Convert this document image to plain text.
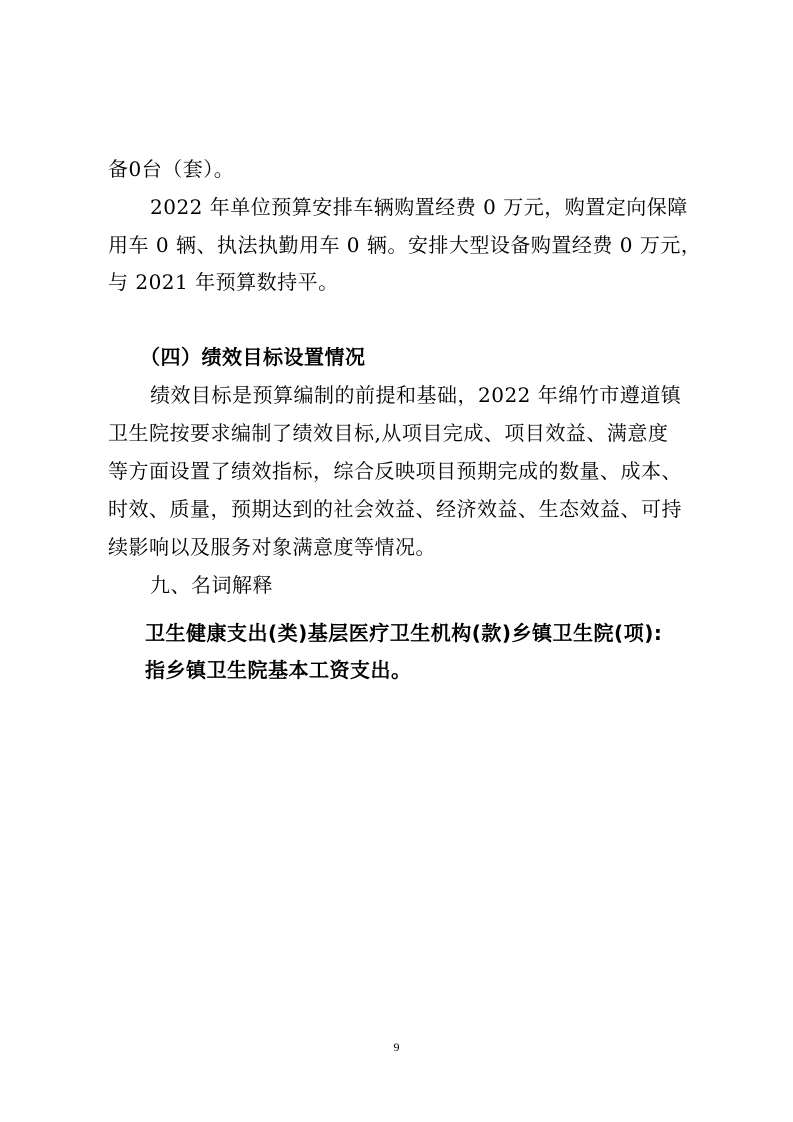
备0台（套）。
2022 年单位预算安排车辆购置经费 0 万元，购置定向保障
用车 0 辆、执法执勤用车 0 辆。安排大型设备购置经费 0 万元，
与 2021 年预算数持平。
（四）绩效目标设置情况
绩效目标是预算编制的前提和基础，2022 年绵竹市遵道镇
卫生院按要求编制了绩效目标,从项目完成、项目效益、满意度
等方面设置了绩效指标，综合反映项目预期完成的数量、成本、
时效、质量，预期达到的社会效益、经济效益、生态效益、可持
续影响以及服务对象满意度等情况。
九、名词解释
卫生健康支出(类)基层医疗卫生机构(款)乡镇卫生院(项):
指乡镇卫生院基本工资支出。
9
